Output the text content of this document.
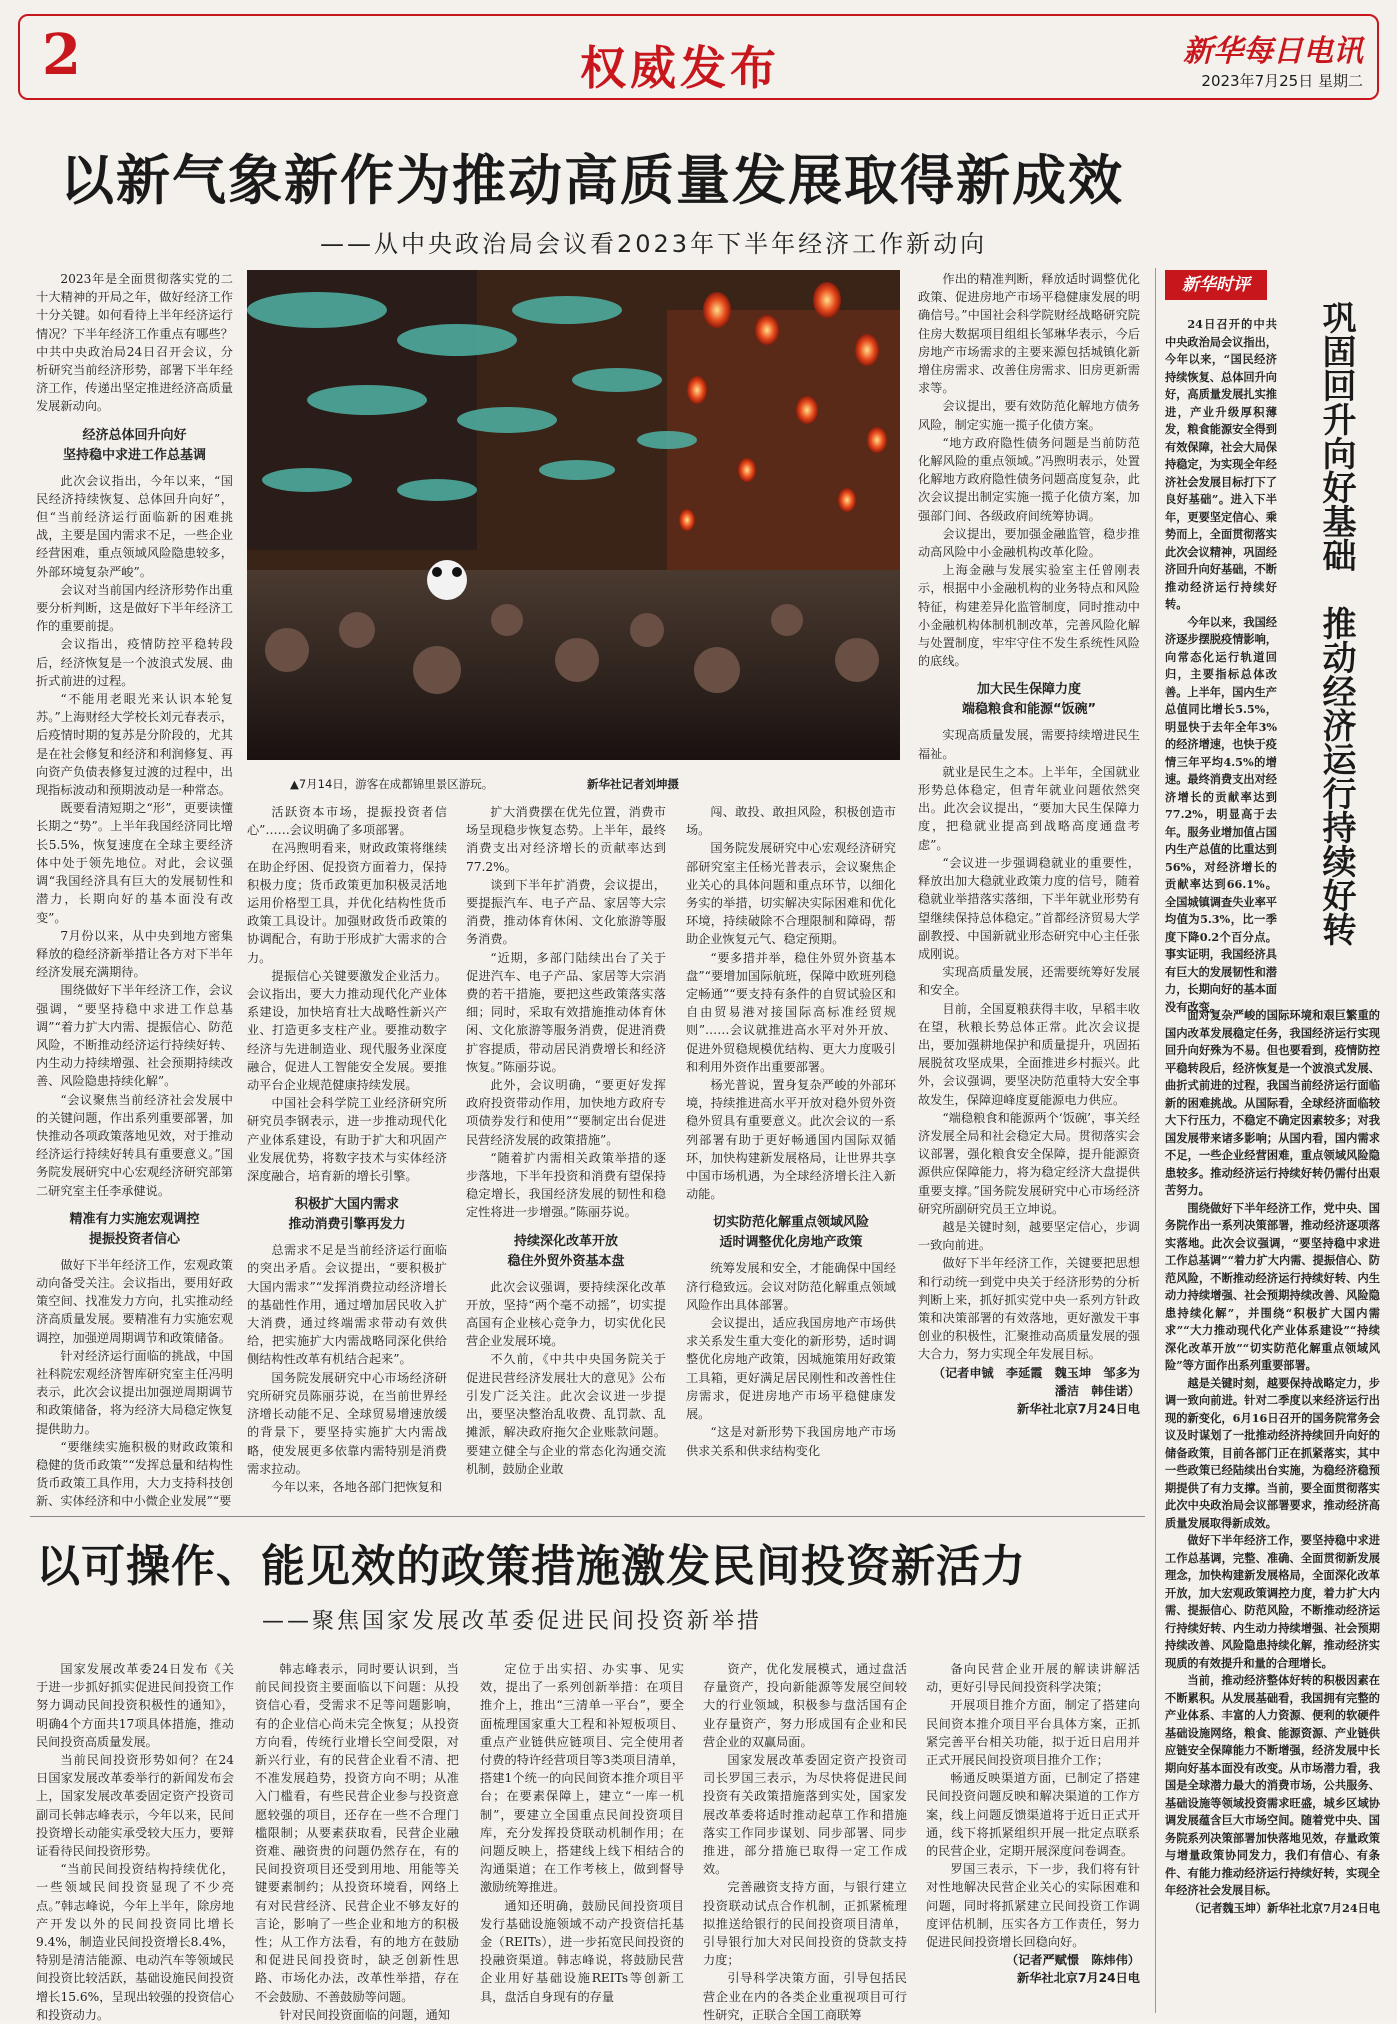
2	权威发布	新华每日电讯
2023年7月25日 星期二
以新气象新作为推动高质量发展取得新成效
——从中央政治局会议看2023年下半年经济工作新动向

2023年是全面贯彻落实党的二十大精神的开局之年，做好经济工作十分关键。如何看待上半年经济运行情况？下半年经济工作重点有哪些？中共中央政治局24日召开会议，分析研究当前经济形势，部署下半年经济工作，传递出坚定推进经济高质量发展新动向。

经济总体回升向好
坚持稳中求进工作总基调

此次会议指出，今年以来，“国民经济持续恢复、总体回升向好”，但“当前经济运行面临新的困难挑战，主要是国内需求不足，一些企业经营困难，重点领域风险隐患较多，外部环境复杂严峻”。

会议对当前国内经济形势作出重要分析判断，这是做好下半年经济工作的重要前提。

会议指出，疫情防控平稳转段后，经济恢复是一个波浪式发展、曲折式前进的过程。

“不能用老眼光来认识本轮复苏。”上海财经大学校长刘元春表示，后疫情时期的复苏是分阶段的，尤其是在社会修复和经济和利润修复、再向资产负债表修复过渡的过程中，出现指标波动和预期波动是一种常态。

既要看清短期之“形”，更要读懂长期之“势”。上半年我国经济同比增长5.5%，恢复速度在全球主要经济体中处于领先地位。对此，会议强调“我国经济具有巨大的发展韧性和潜力，长期向好的基本面没有改变”。

7月份以来，从中央到地方密集释放的稳经济新举措让各方对下半年经济发展充满期待。

围绕做好下半年经济工作，会议强调，“要坚持稳中求进工作总基调”“着力扩大内需、提振信心、防范风险，不断推动经济运行持续好转、内生动力持续增强、社会预期持续改善、风险隐患持续化解”。

“会议聚焦当前经济社会发展中的关键问题，作出系列重要部署，加快推动各项政策落地见效，对于推动经济运行持续好转具有重要意义。”国务院发展研究中心宏观经济研究部第二研究室主任李承健说。

精准有力实施宏观调控
提振投资者信心

做好下半年经济工作，宏观政策动向备受关注。会议指出，要用好政策空间、找准发力方向，扎实推动经济高质量发展。要精准有力实施宏观调控，加强逆周期调节和政策储备。

针对经济运行面临的挑战，中国社科院宏观经济智库研究室主任冯明表示，此次会议提出加强逆周期调节和政策储备，将为经济大局稳定恢复提供助力。

“要继续实施积极的财政政策和稳健的货币政策”“发挥总量和结构性货币政策工具作用，大力支持科技创新、实体经济和中小微企业发展”“要

▲7月14日，游客在成都锦里景区游玩。	新华社记者刘坤摄

活跃资本市场，提振投资者信心”……会议明确了多项部署。

在冯煦明看来，财政政策将继续在助企纾困、促投资方面着力，保持积极力度；货币政策更加积极灵活地运用价格型工具，并优化结构性货币政策工具设计。加强财政货币政策的协调配合，有助于形成扩大需求的合力。

提振信心关键要激发企业活力。会议指出，要大力推动现代化产业体系建设，加快培育壮大战略性新兴产业、打造更多支柱产业。要推动数字经济与先进制造业、现代服务业深度融合，促进人工智能安全发展。要推动平台企业规范健康持续发展。

中国社会科学院工业经济研究所研究员李钢表示，进一步推动现代化产业体系建设，有助于扩大和巩固产业发展优势，将数字技术与实体经济深度融合，培育新的增长引擎。

积极扩大国内需求
推动消费引擎再发力

总需求不足是当前经济运行面临的突出矛盾。会议提出，“要积极扩大国内需求”“发挥消费拉动经济增长的基础性作用，通过增加居民收入扩大消费，通过终端需求带动有效供给，把实施扩大内需战略同深化供给侧结构性改革有机结合起来”。

国务院发展研究中心市场经济研究所研究员陈丽芬说，在当前世界经济增长动能不足、全球贸易增速放缓的背景下，要坚持实施扩大内需战略，使发展更多依靠内需特别是消费需求拉动。

今年以来，各地各部门把恢复和

扩大消费摆在优先位置，消费市场呈现稳步恢复态势。上半年，最终消费支出对经济增长的贡献率达到77.2%。

谈到下半年扩消费，会议提出，要提振汽车、电子产品、家居等大宗消费，推动体育休闲、文化旅游等服务消费。

“近期，多部门陆续出台了关于促进汽车、电子产品、家居等大宗消费的若干措施，要把这些政策落实落细；同时，采取有效措施推动体育休闲、文化旅游等服务消费，促进消费扩容提质，带动居民消费增长和经济恢复。”陈丽芬说。

此外，会议明确，“要更好发挥政府投资带动作用，加快地方政府专项债券发行和使用”“要制定出台促进民营经济发展的政策措施”。

“随着扩内需相关政策举措的逐步落地，下半年投资和消费有望保持稳定增长，我国经济发展的韧性和稳定性将进一步增强。”陈丽芬说。

持续深化改革开放
稳住外贸外资基本盘

此次会议强调，要持续深化改革开放，坚持“两个毫不动摇”，切实提高国有企业核心竞争力，切实优化民营企业发展环境。

不久前，《中共中央国务院关于促进民营经济发展壮大的意见》公布引发广泛关注。此次会议进一步提出，要坚决整治乱收费、乱罚款、乱摊派，解决政府拖欠企业账款问题。要建立健全与企业的常态化沟通交流机制，鼓励企业敢

闯、敢投、敢担风险，积极创造市场。

国务院发展研究中心宏观经济研究部研究室主任杨光普表示，会议聚焦企业关心的具体问题和重点环节，以细化务实的举措，切实解决实际困难和优化环境，持续破除不合理限制和障碍，帮助企业恢复元气、稳定预期。

“要多措并举，稳住外贸外资基本盘”“要增加国际航班，保障中欧班列稳定畅通”“要支持有条件的自贸试验区和自由贸易港对接国际高标准经贸规则”……会议就推进高水平对外开放、促进外贸稳规模优结构、更大力度吸引和利用外资作出重要部署。

杨光普说，置身复杂严峻的外部环境，持续推进高水平开放对稳外贸外资稳外贸具有重要意义。此次会议的一系列部署有助于更好畅通国内国际双循环，加快构建新发展格局，让世界共享中国市场机遇，为全球经济增长注入新动能。

切实防范化解重点领域风险
适时调整优化房地产政策

统筹发展和安全，才能确保中国经济行稳致远。会议对防范化解重点领域风险作出具体部署。

会议提出，适应我国房地产市场供求关系发生重大变化的新形势，适时调整优化房地产政策，因城施策用好政策工具箱，更好满足居民刚性和改善性住房需求，促进房地产市场平稳健康发展。

“这是对新形势下我国房地产市场供求关系和供求结构变化

作出的精准判断，释放适时调整优化政策、促进房地产市场平稳健康发展的明确信号。”中国社会科学院财经战略研究院住房大数据项目组组长邹琳华表示，今后房地产市场需求的主要来源包括城镇化新增住房需求、改善住房需求、旧房更新需求等。

会议提出，要有效防范化解地方债务风险，制定实施一揽子化债方案。

“地方政府隐性债务问题是当前防范化解风险的重点领域。”冯煦明表示，处置化解地方政府隐性债务问题高度复杂，此次会议提出制定实施一揽子化债方案，加强部门间、各级政府间统筹协调。

会议提出，要加强金融监管，稳步推动高风险中小金融机构改革化险。

上海金融与发展实验室主任曾刚表示，根据中小金融机构的业务特点和风险特征，构建差异化监管制度，同时推动中小金融机构体制机制改革，完善风险化解与处置制度，牢牢守住不发生系统性风险的底线。

加大民生保障力度
端稳粮食和能源“饭碗”

实现高质量发展，需要持续增进民生福祉。

就业是民生之本。上半年，全国就业形势总体稳定，但青年就业问题依然突出。此次会议提出，“要加大民生保障力度，把稳就业提高到战略高度通盘考虑”。

“会议进一步强调稳就业的重要性，释放出加大稳就业政策力度的信号，随着稳就业举措落实落细，下半年就业形势有望继续保持总体稳定。”首都经济贸易大学副教授、中国新就业形态研究中心主任张成刚说。

实现高质量发展，还需要统筹好发展和安全。

目前，全国夏粮获得丰收，早稻丰收在望，秋粮长势总体正常。此次会议提出，要加强耕地保护和质量提升，巩固拓展脱贫攻坚成果，全面推进乡村振兴。此外，会议强调，要坚决防范重特大安全事故发生，保障迎峰度夏能源电力供应。

“端稳粮食和能源两个‘饭碗’，事关经济发展全局和社会稳定大局。贯彻落实会议部署，强化粮食安全保障，提升能源资源供应保障能力，将为稳定经济大盘提供重要支撑。”国务院发展研究中心市场经济研究所副研究员王立坤说。

越是关键时刻，越要坚定信心，步调一致向前进。

做好下半年经济工作，关键要把思想和行动统一到党中央关于经济形势的分析判断上来，抓好抓实党中央一系列方针政策和决策部署的有效落地，更好激发干事创业的积极性，汇聚推动高质量发展的强大合力，努力实现全年发展目标。

（记者申铖　李延霞　魏玉坤　邹多为　潘洁　韩佳诺）

新华社北京7月24日电

新华时评
巩固回升向好基础　推动经济运行持续好转

24日召开的中共中央政治局会议指出，今年以来，“国民经济持续恢复、总体回升向好，高质量发展扎实推进，产业升级厚积薄发，粮食能源安全得到有效保障，社会大局保持稳定，为实现全年经济社会发展目标打下了良好基础”。进入下半年，更要坚定信心、乘势而上，全面贯彻落实此次会议精神，巩固经济回升向好基础，不断推动经济运行持续好转。

今年以来，我国经济逐步摆脱疫情影响，向常态化运行轨道回归，主要指标总体改善。上半年，国内生产总值同比增长5.5%，明显快于去年全年3%的经济增速，也快于疫情三年平均4.5%的增速。最终消费支出对经济增长的贡献率达到77.2%，明显高于去年。服务业增加值占国内生产总值的比重达到56%，对经济增长的贡献率达到66.1%。全国城镇调查失业率平均值为5.3%，比一季度下降0.2个百分点。事实证明，我国经济具有巨大的发展韧性和潜力，长期向好的基本面没有改变。

面对复杂严峻的国际环境和艰巨繁重的国内改革发展稳定任务，我国经济运行实现回升向好殊为不易。但也要看到，疫情防控平稳转段后，经济恢复是一个波浪式发展、曲折式前进的过程，我国当前经济运行面临新的困难挑战。从国际看，全球经济面临较大下行压力，不稳定不确定因素较多；对我国发展带来诸多影响；从国内看，国内需求不足，一些企业经营困难，重点领域风险隐患较多。推动经济运行持续好转仍需付出艰苦努力。

围绕做好下半年经济工作，党中央、国务院作出一系列决策部署，推动经济逐项落实落地。此次会议强调，“要坚持稳中求进工作总基调”“着力扩大内需、提振信心、防范风险，不断推动经济运行持续好转、内生动力持续增强、社会预期持续改善、风险隐患持续化解”，并围绕“积极扩大国内需求”“大力推动现代化产业体系建设”“持续深化改革开放”“切实防范化解重点领域风险”等方面作出系列重要部署。

越是关键时刻，越要保持战略定力，步调一致向前进。针对二季度以来经济运行出现的新变化，6月16日召开的国务院常务会议及时谋划了一批推动经济持续回升向好的储备政策，目前各部门正在抓紧落实，其中一些政策已经陆续出台实施，为稳经济稳预期提供了有力支撑。当前，要全面贯彻落实此次中央政治局会议部署要求，推动经济高质量发展取得新成效。

做好下半年经济工作，要坚持稳中求进工作总基调，完整、准确、全面贯彻新发展理念，加快构建新发展格局，全面深化改革开放，加大宏观政策调控力度，着力扩大内需、提振信心、防范风险，不断推动经济运行持续好转、内生动力持续增强、社会预期持续改善、风险隐患持续化解，推动经济实现质的有效提升和量的合理增长。

当前，推动经济整体好转的积极因素在不断累积。从发展基础看，我国拥有完整的产业体系、丰富的人力资源、便利的软硬件基础设施网络，粮食、能源资源、产业链供应链安全保障能力不断增强，经济发展中长期向好基本面没有改变。从市场潜力看，我国是全球潜力最大的消费市场，公共服务、基础设施等领域投资需求旺盛，城乡区域协调发展蕴含巨大市场空间。随着党中央、国务院系列决策部署加快落地见效，存量政策与增量政策协同发力，我们有信心、有条件、有能力推动经济运行持续好转，实现全年经济社会发展目标。

（记者魏玉坤）新华社北京7月24日电

以可操作、能见效的政策措施激发民间投资新活力
——聚焦国家发展改革委促进民间投资新举措

国家发展改革委24日发布《关于进一步抓好抓实促进民间投资工作努力调动民间投资积极性的通知》，明确4个方面共17项具体措施，推动民间投资高质量发展。

当前民间投资形势如何？在24日国家发展改革委举行的新闻发布会上，国家发展改革委固定资产投资司副司长韩志峰表示，今年以来，民间投资增长动能实承受较大压力，要辩证看待民间投资形势。

“当前民间投资结构持续优化，一些领域民间投资显现了不少亮点。”韩志峰说，今年上半年，除房地产开发以外的民间投资同比增长9.4%，制造业民间投资增长8.4%，特别是清洁能源、电动汽车等领域民间投资比较活跃，基础设施民间投资增长15.6%，呈现出较强的投资信心和投资动力。

韩志峰表示，同时要认识到，当前民间投资主要面临以下问题：从投资信心看，受需求不足等问题影响，有的企业信心尚未完全恢复；从投资方向看，传统行业增长空间受限，对新兴行业，有的民营企业看不清、把不准发展趋势，投资方向不明；从准入门槛看，有些民营企业参与投资意愿较强的项目，还存在一些不合理门槛限制；从要素获取看，民营企业融资难、融资贵的问题仍然存在，有的民间投资项目还受到用地、用能等关键要素制约；从投资环境看，网络上有对民营经济、民营企业不够友好的言论，影响了一些企业和地方的积极性；从工作方法看，有的地方在鼓励和促进民间投资时，缺乏创新性思路、市场化办法，改革性举措，存在不会鼓励、不善鼓励等问题。

针对民间投资面临的问题，通知

定位于出实招、办实事、见实效，提出了一系列创新举措：在项目推介上，推出“三清单一平台”，要全面梳理国家重大工程和补短板项目、重点产业链供应链项目、完全使用者付费的特许经营项目等3类项目清单，搭建1个统一的向民间资本推介项目平台；在要素保障上，建立“一库一机制”，要建立全国重点民间投资项目库，充分发挥投贷联动机制作用；在问题反映上，搭建线上线下相结合的沟通渠道；在工作考核上，做到督导激励统筹推进。

通知还明确，鼓励民间投资项目发行基础设施领域不动产投资信托基金（REITs），进一步拓宽民间投资的投融资渠道。韩志峰说，将鼓励民营企业用好基础设施REITs等创新工具，盘活自身现有的存量

资产，优化发展模式，通过盘活存量资产，投向新能源等发展空间较大的行业领域，积极参与盘活国有企业存量资产，努力形成国有企业和民营企业的双赢局面。

国家发展改革委固定资产投资司司长罗国三表示，为尽快将促进民间投资有关政策措施落到实处，国家发展改革委将适时推动起草工作和措施落实工作同步谋划、同步部署、同步推进，部分措施已取得一定工作成效。

完善融资支持方面，与银行建立投资联动试点合作机制，正抓紧梳理拟推送给银行的民间投资项目清单，引导银行加大对民间投资的贷款支持力度；

引导科学决策方面，引导包括民营企业在内的各类企业重视项目可行性研究，正联合全国工商联筹

备向民营企业开展的解读讲解活动，更好引导民间投资科学决策；

开展项目推介方面，制定了搭建向民间资本推介项目平台具体方案，正抓紧完善平台相关功能，拟于近日启用并正式开展民间投资项目推介工作；

畅通反映渠道方面，已制定了搭建民间投资问题反映和解决渠道的工作方案，线上问题反馈渠道将于近日正式开通，线下将抓紧组织开展一批定点联系的民营企业，定期开展深度问卷调查。

罗国三表示，下一步，我们将有针对性地解决民营企业关心的实际困难和问题，同时将抓紧建立民间投资工作调度评估机制，压实各方工作责任，努力促进民间投资增长回稳向好。

（记者严赋憬　陈炜伟）

新华社北京7月24日电
